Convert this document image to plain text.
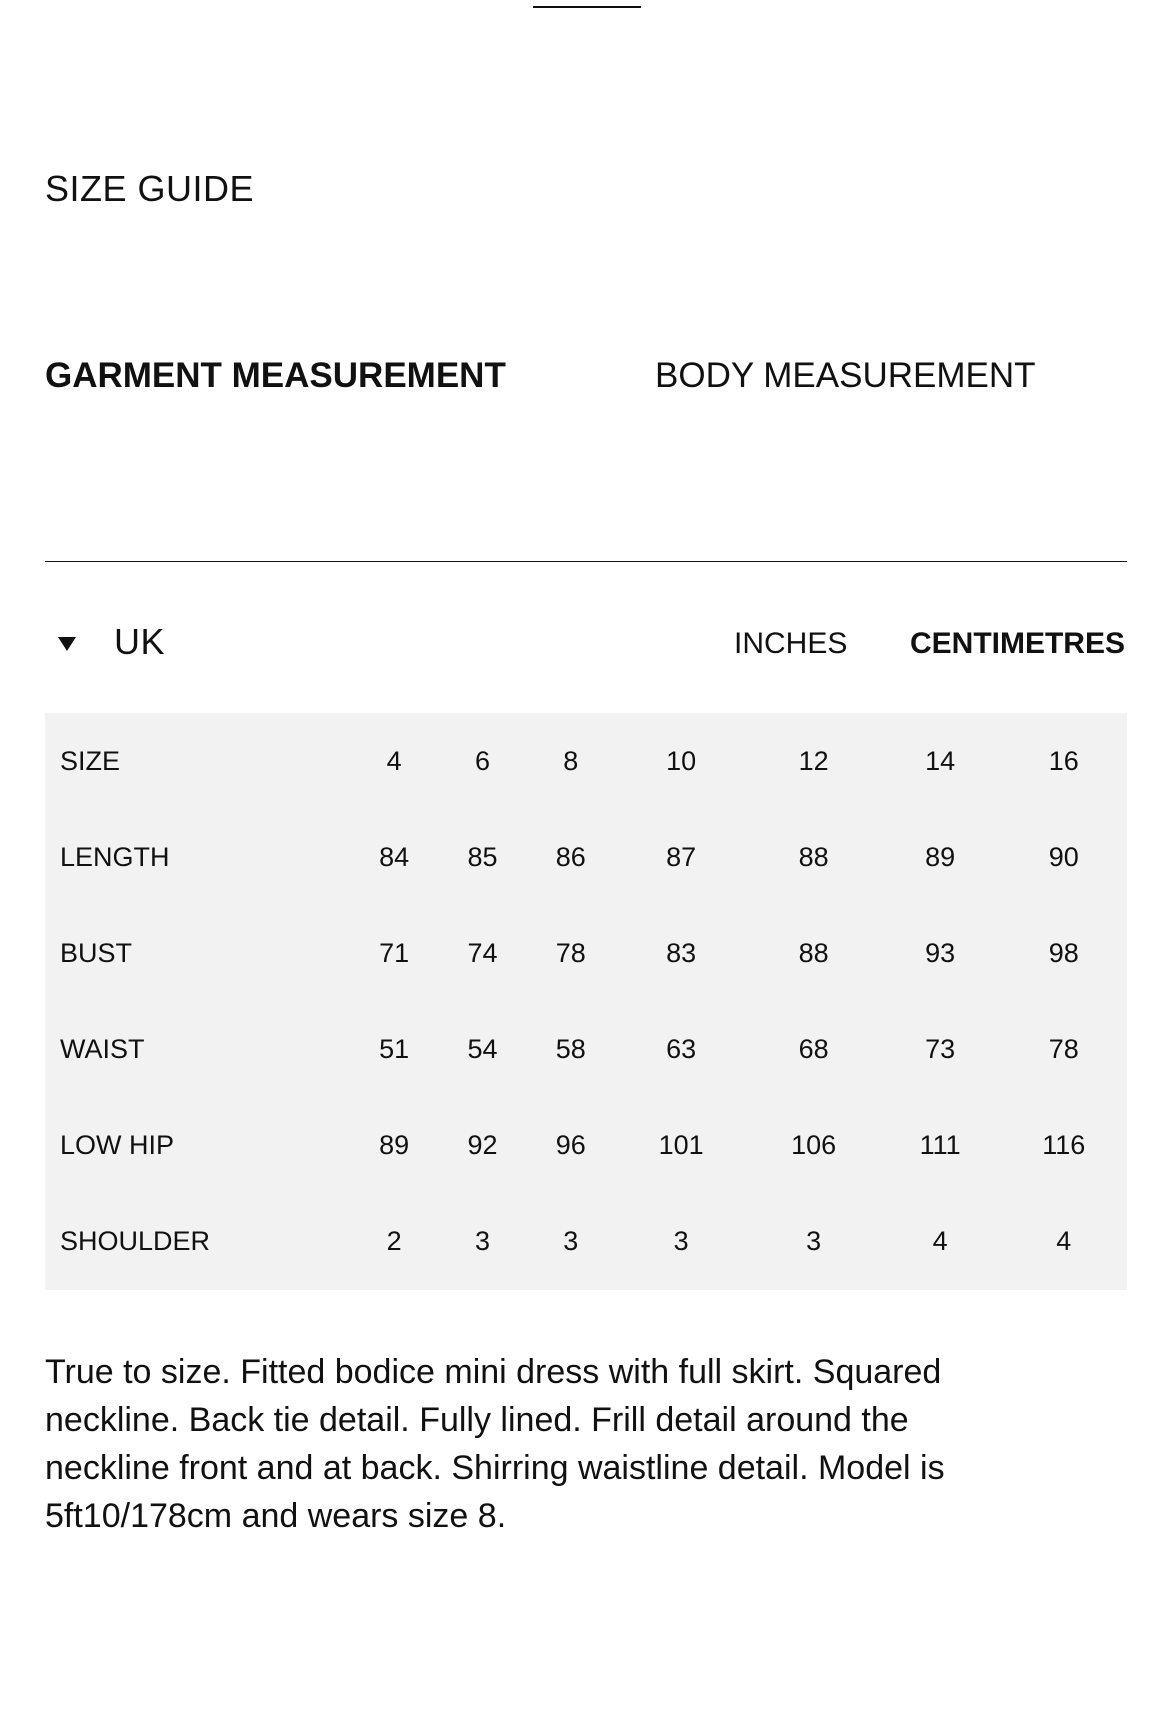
SIZE GUIDE
GARMENT MEASUREMENT	BODY MEASUREMENT
UK	INCHES CENTIMETRES
SIZE	4	6	8	10	12	14	16
LENGTH	84	85	86	87	88	89	90
BUST	71	74	78	83	88	93	98
WAIST	51	54	58	63	68	73	78
LOW HIP	89	92	96	101	106	111	116
SHOULDER	2	3	3	3	3	4	4

True to size. Fitted bodice mini dress with full skirt. Squared neckline. Back tie detail. Fully lined. Frill detail around the neckline front and at back. Shirring waistline detail. Model is 5ft10/178cm and wears size 8.
